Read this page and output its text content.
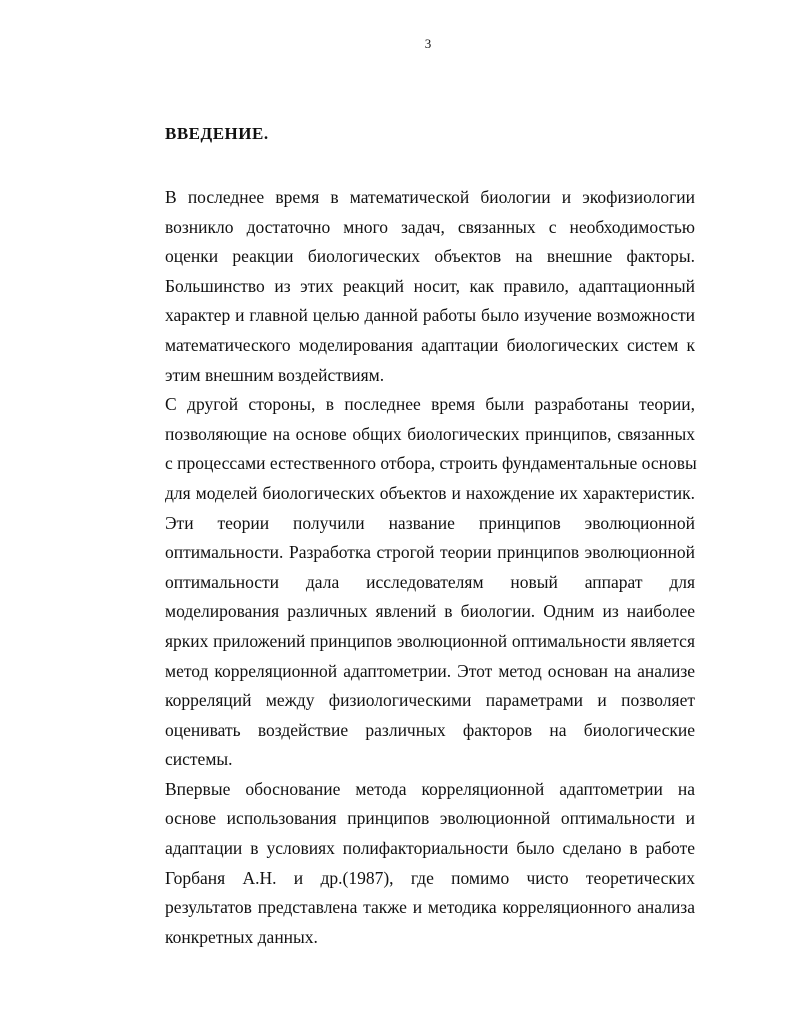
3
ВВЕДЕНИЕ.
В последнее время в математической биологии и экофизиологии
возникло достаточно много задач, связанных с необходимостью
оценки реакции биологических объектов на внешние факторы.
Большинство из этих реакций носит, как правило, адаптационный
характер и главной целью данной работы было изучение возможности
математического моделирования адаптации биологических систем к
этим внешним воздействиям.
С другой стороны, в последнее время были разработаны теории,
позволяющие на основе общих биологических принципов, связанных
с процессами естественного отбора, строить фундаментальные основы
для моделей биологических объектов и нахождение их характеристик.
Эти теории получили название принципов эволюционной
оптимальности. Разработка строгой теории принципов эволюционной
оптимальности дала исследователям новый аппарат для
моделирования различных явлений в биологии. Одним из наиболее
ярких приложений принципов эволюционной оптимальности является
метод корреляционной адаптометрии. Этот метод основан на анализе
корреляций между физиологическими параметрами и позволяет
оценивать воздействие различных факторов на биологические
системы.
Впервые обоснование метода корреляционной адаптометрии на
основе использования принципов эволюционной оптимальности и
адаптации в условиях полифакториальности было сделано в работе
Горбаня А.Н. и др.(1987), где помимо чисто теоретических
результатов представлена также и методика корреляционного анализа
конкретных данных.
